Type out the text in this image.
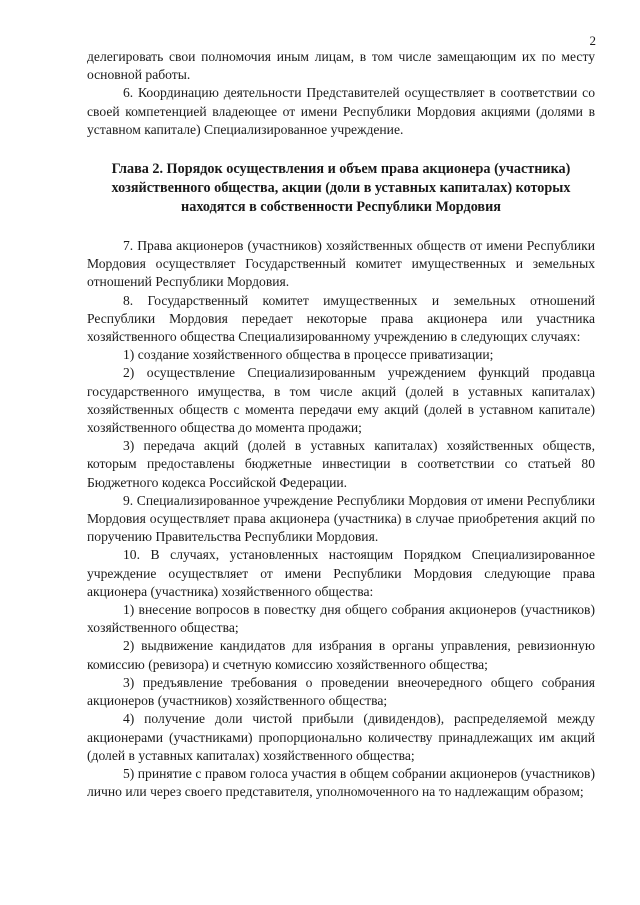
2

делегировать свои полномочия иным лицам, в том числе замещающим их по месту основной работы.

6. Координацию деятельности Представителей осуществляет в соответствии со своей компетенцией владеющее от имени Республики Мордовия акциями (долями в уставном капитале) Специализированное учреждение.

Глава 2. Порядок осуществления и объем права акционера (участника) хозяйственного общества, акции (доли в уставных капиталах) которых находятся в собственности Республики Мордовия

7. Права акционеров (участников) хозяйственных обществ от имени Республики Мордовия осуществляет Государственный комитет имущественных и земельных отношений Республики Мордовия.

8. Государственный комитет имущественных и земельных отношений Республики Мордовия передает некоторые права акционера или участника хозяйственного общества Специализированному учреждению в следующих случаях:

1) создание хозяйственного общества в процессе приватизации;

2) осуществление Специализированным учреждением функций продавца государственного имущества, в том числе акций (долей в уставных капиталах) хозяйственных обществ с момента передачи ему акций (долей в уставном капитале) хозяйственного общества до момента продажи;

3) передача акций (долей в уставных капиталах) хозяйственных обществ, которым предоставлены бюджетные инвестиции в соответствии со статьей 80 Бюджетного кодекса Российской Федерации.

9. Специализированное учреждение Республики Мордовия от имени Республики Мордовия осуществляет права акционера (участника) в случае приобретения акций по поручению Правительства Республики Мордовия.

10. В случаях, установленных настоящим Порядком Специализированное учреждение осуществляет от имени Республики Мордовия следующие права акционера (участника) хозяйственного общества:

1) внесение вопросов в повестку дня общего собрания акционеров (участников) хозяйственного общества;

2) выдвижение кандидатов для избрания в органы управления, ревизионную комиссию (ревизора) и счетную комиссию хозяйственного общества;

3) предъявление требования о проведении внеочередного общего собрания акционеров (участников) хозяйственного общества;

4) получение доли чистой прибыли (дивидендов), распределяемой между акционерами (участниками) пропорционально количеству принадлежащих им акций (долей в уставных капиталах) хозяйственного общества;

5) принятие с правом голоса участия в общем собрании акционеров (участников) лично или через своего представителя, уполномоченного на то надлежащим образом;
